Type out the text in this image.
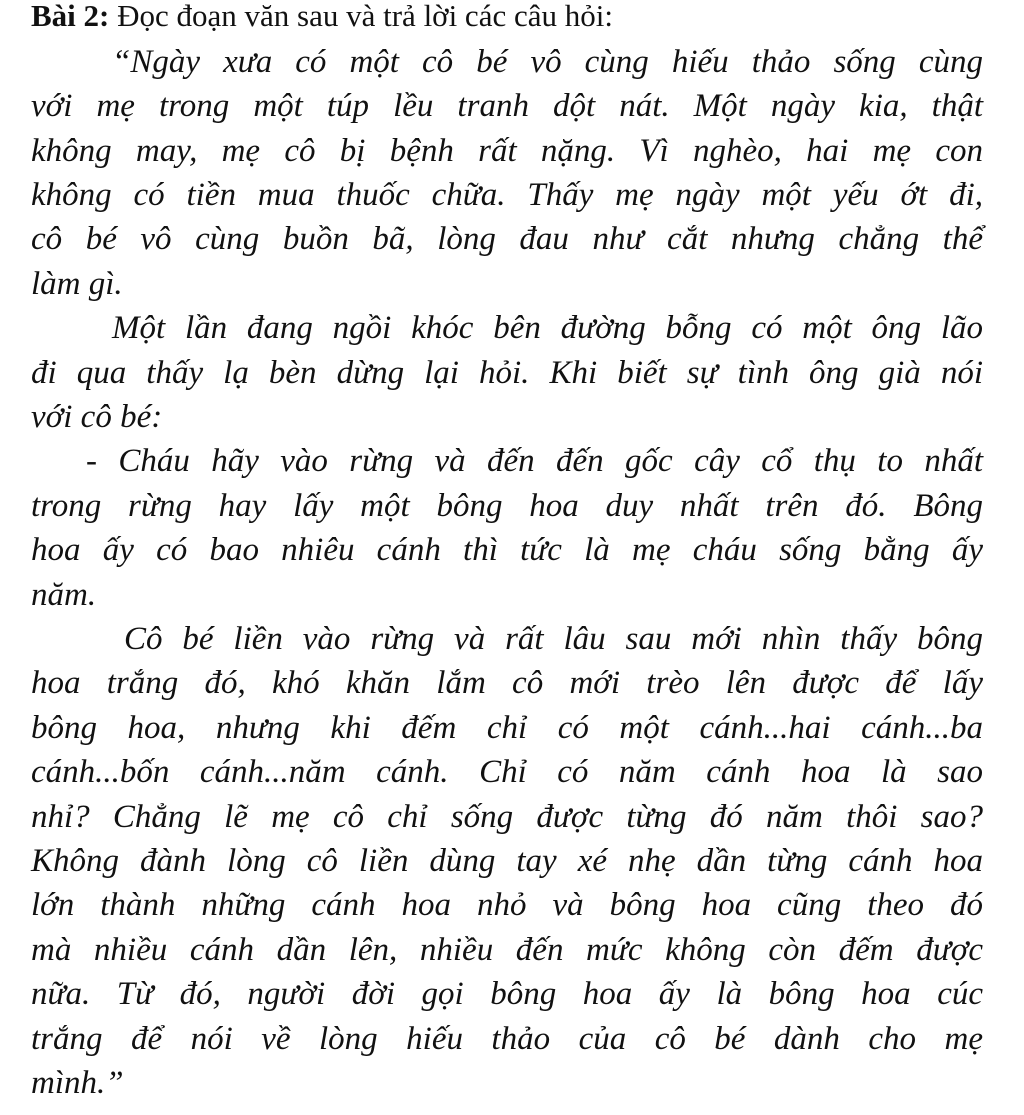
Bài 2: Đọc đoạn văn sau và trả lời các câu hỏi:
“Ngày xưa có một cô bé vô cùng hiếu thảo sống cùng
với mẹ trong một túp lều tranh dột nát. Một ngày kia, thật
không may, mẹ cô bị bệnh rất nặng. Vì nghèo, hai mẹ con
không có tiền mua thuốc chữa. Thấy mẹ ngày một yếu ớt đi,
cô bé vô cùng buồn bã, lòng đau như cắt nhưng chẳng thể
làm gì.
Một lần đang ngồi khóc bên đường bỗng có một ông lão
đi qua thấy lạ bèn dừng lại hỏi. Khi biết sự tình ông già nói
với cô bé:
- Cháu hãy vào rừng và đến đến gốc cây cổ thụ to nhất
trong rừng hay lấy một bông hoa duy nhất trên đó. Bông
hoa ấy có bao nhiêu cánh thì tức là mẹ cháu sống bằng ấy
năm.
Cô bé liền vào rừng và rất lâu sau mới nhìn thấy bông
hoa trắng đó, khó khăn lắm cô mới trèo lên được để lấy
bông hoa, nhưng khi đếm chỉ có một cánh...hai cánh...ba
cánh...bốn cánh...năm cánh. Chỉ có năm cánh hoa là sao
nhỉ? Chẳng lẽ mẹ cô chỉ sống được từng đó năm thôi sao?
Không đành lòng cô liền dùng tay xé nhẹ dần từng cánh hoa
lớn thành những cánh hoa nhỏ và bông hoa cũng theo đó
mà nhiều cánh dần lên, nhiều đến mức không còn đếm được
nữa. Từ đó, người đời gọi bông hoa ấy là bông hoa cúc
trắng để nói về lòng hiếu thảo của cô bé dành cho mẹ
mình.”
